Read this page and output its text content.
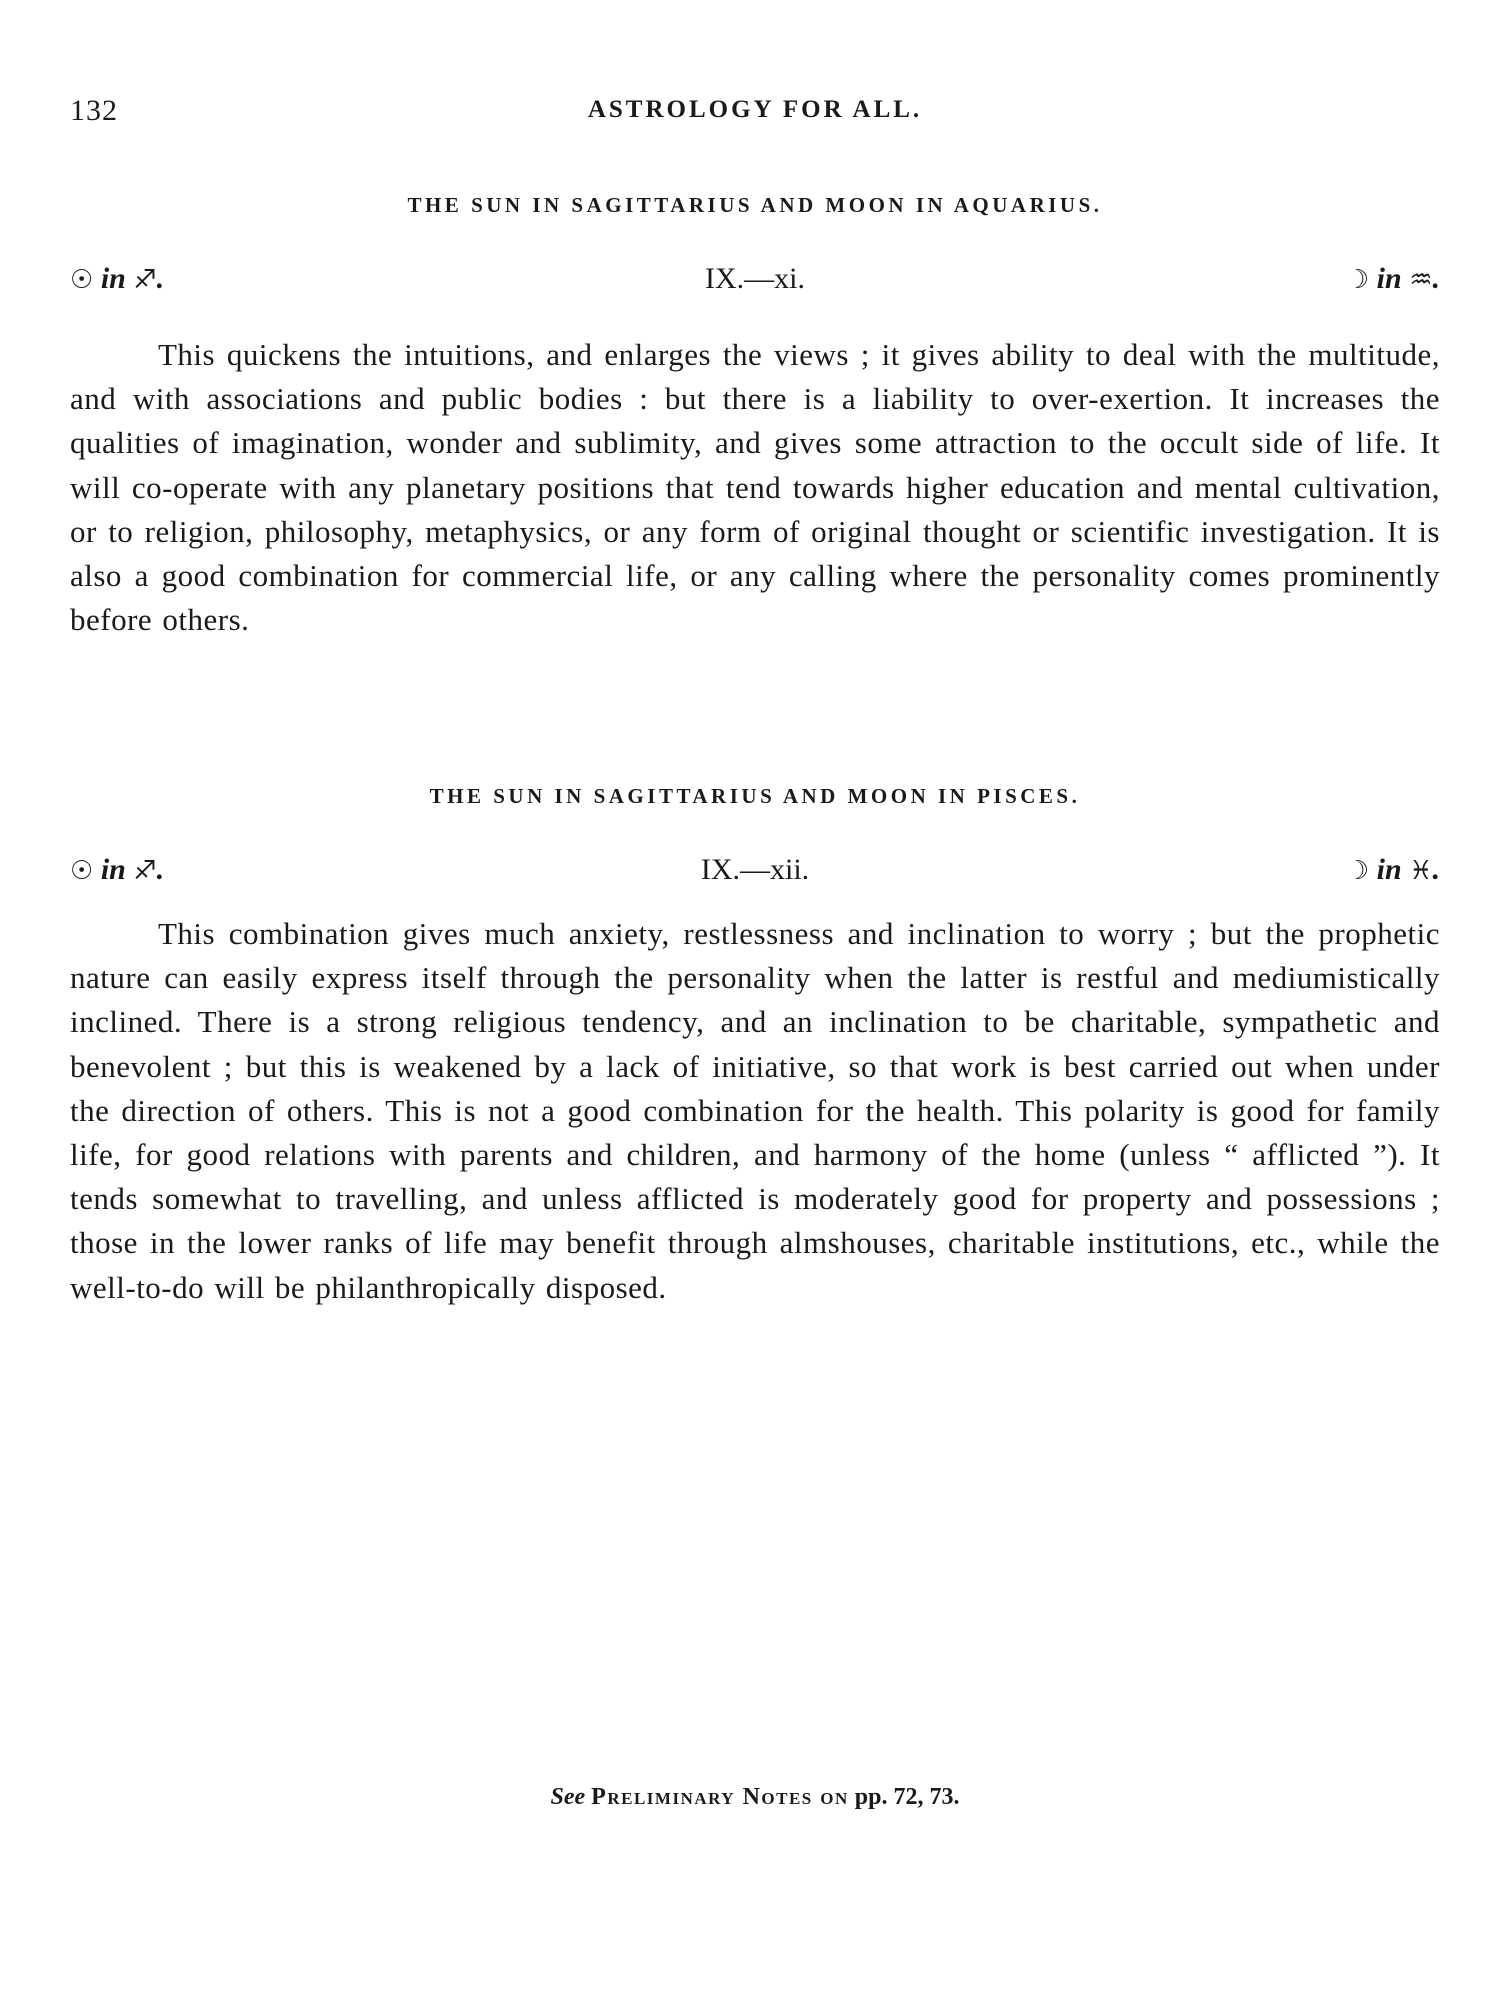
132	ASTROLOGY FOR ALL.
THE SUN IN SAGITTARIUS AND MOON IN AQUARIUS.
☉ in ♐.	IX.—xi.	☽ in ♒.

This quickens the intuitions, and enlarges the views ; it gives ability to deal with the multitude, and with associations and public bodies : but there is a liability to over-exertion. It increases the qualities of imagination, wonder and sublimity, and gives some attraction to the occult side of life. It will co-operate with any planetary positions that tend towards higher education and mental cultivation, or to religion, philosophy, metaphysics, or any form of original thought or scientific investigation. It is also a good combination for commercial life, or any calling where the personality comes prominently before others.

THE SUN IN SAGITTARIUS AND MOON IN PISCES.
☉ in ♐.	IX.—xii.	☽ in ♓.

This combination gives much anxiety, restlessness and inclination to worry ; but the prophetic nature can easily express itself through the personality when the latter is restful and mediumistically inclined. There is a strong religious tendency, and an inclination to be charitable, sympathetic and benevolent ; but this is weakened by a lack of initiative, so that work is best carried out when under the direction of others. This is not a good combination for the health. This polarity is good for family life, for good relations with parents and children, and harmony of the home (unless “ afflicted ”). It tends somewhat to travelling, and unless afflicted is moderately good for property and possessions ; those in the lower ranks of life may benefit through almshouses, charitable institutions, etc., while the well-to-do will be philanthropically disposed.

See Preliminary Notes on pp. 72, 73.
